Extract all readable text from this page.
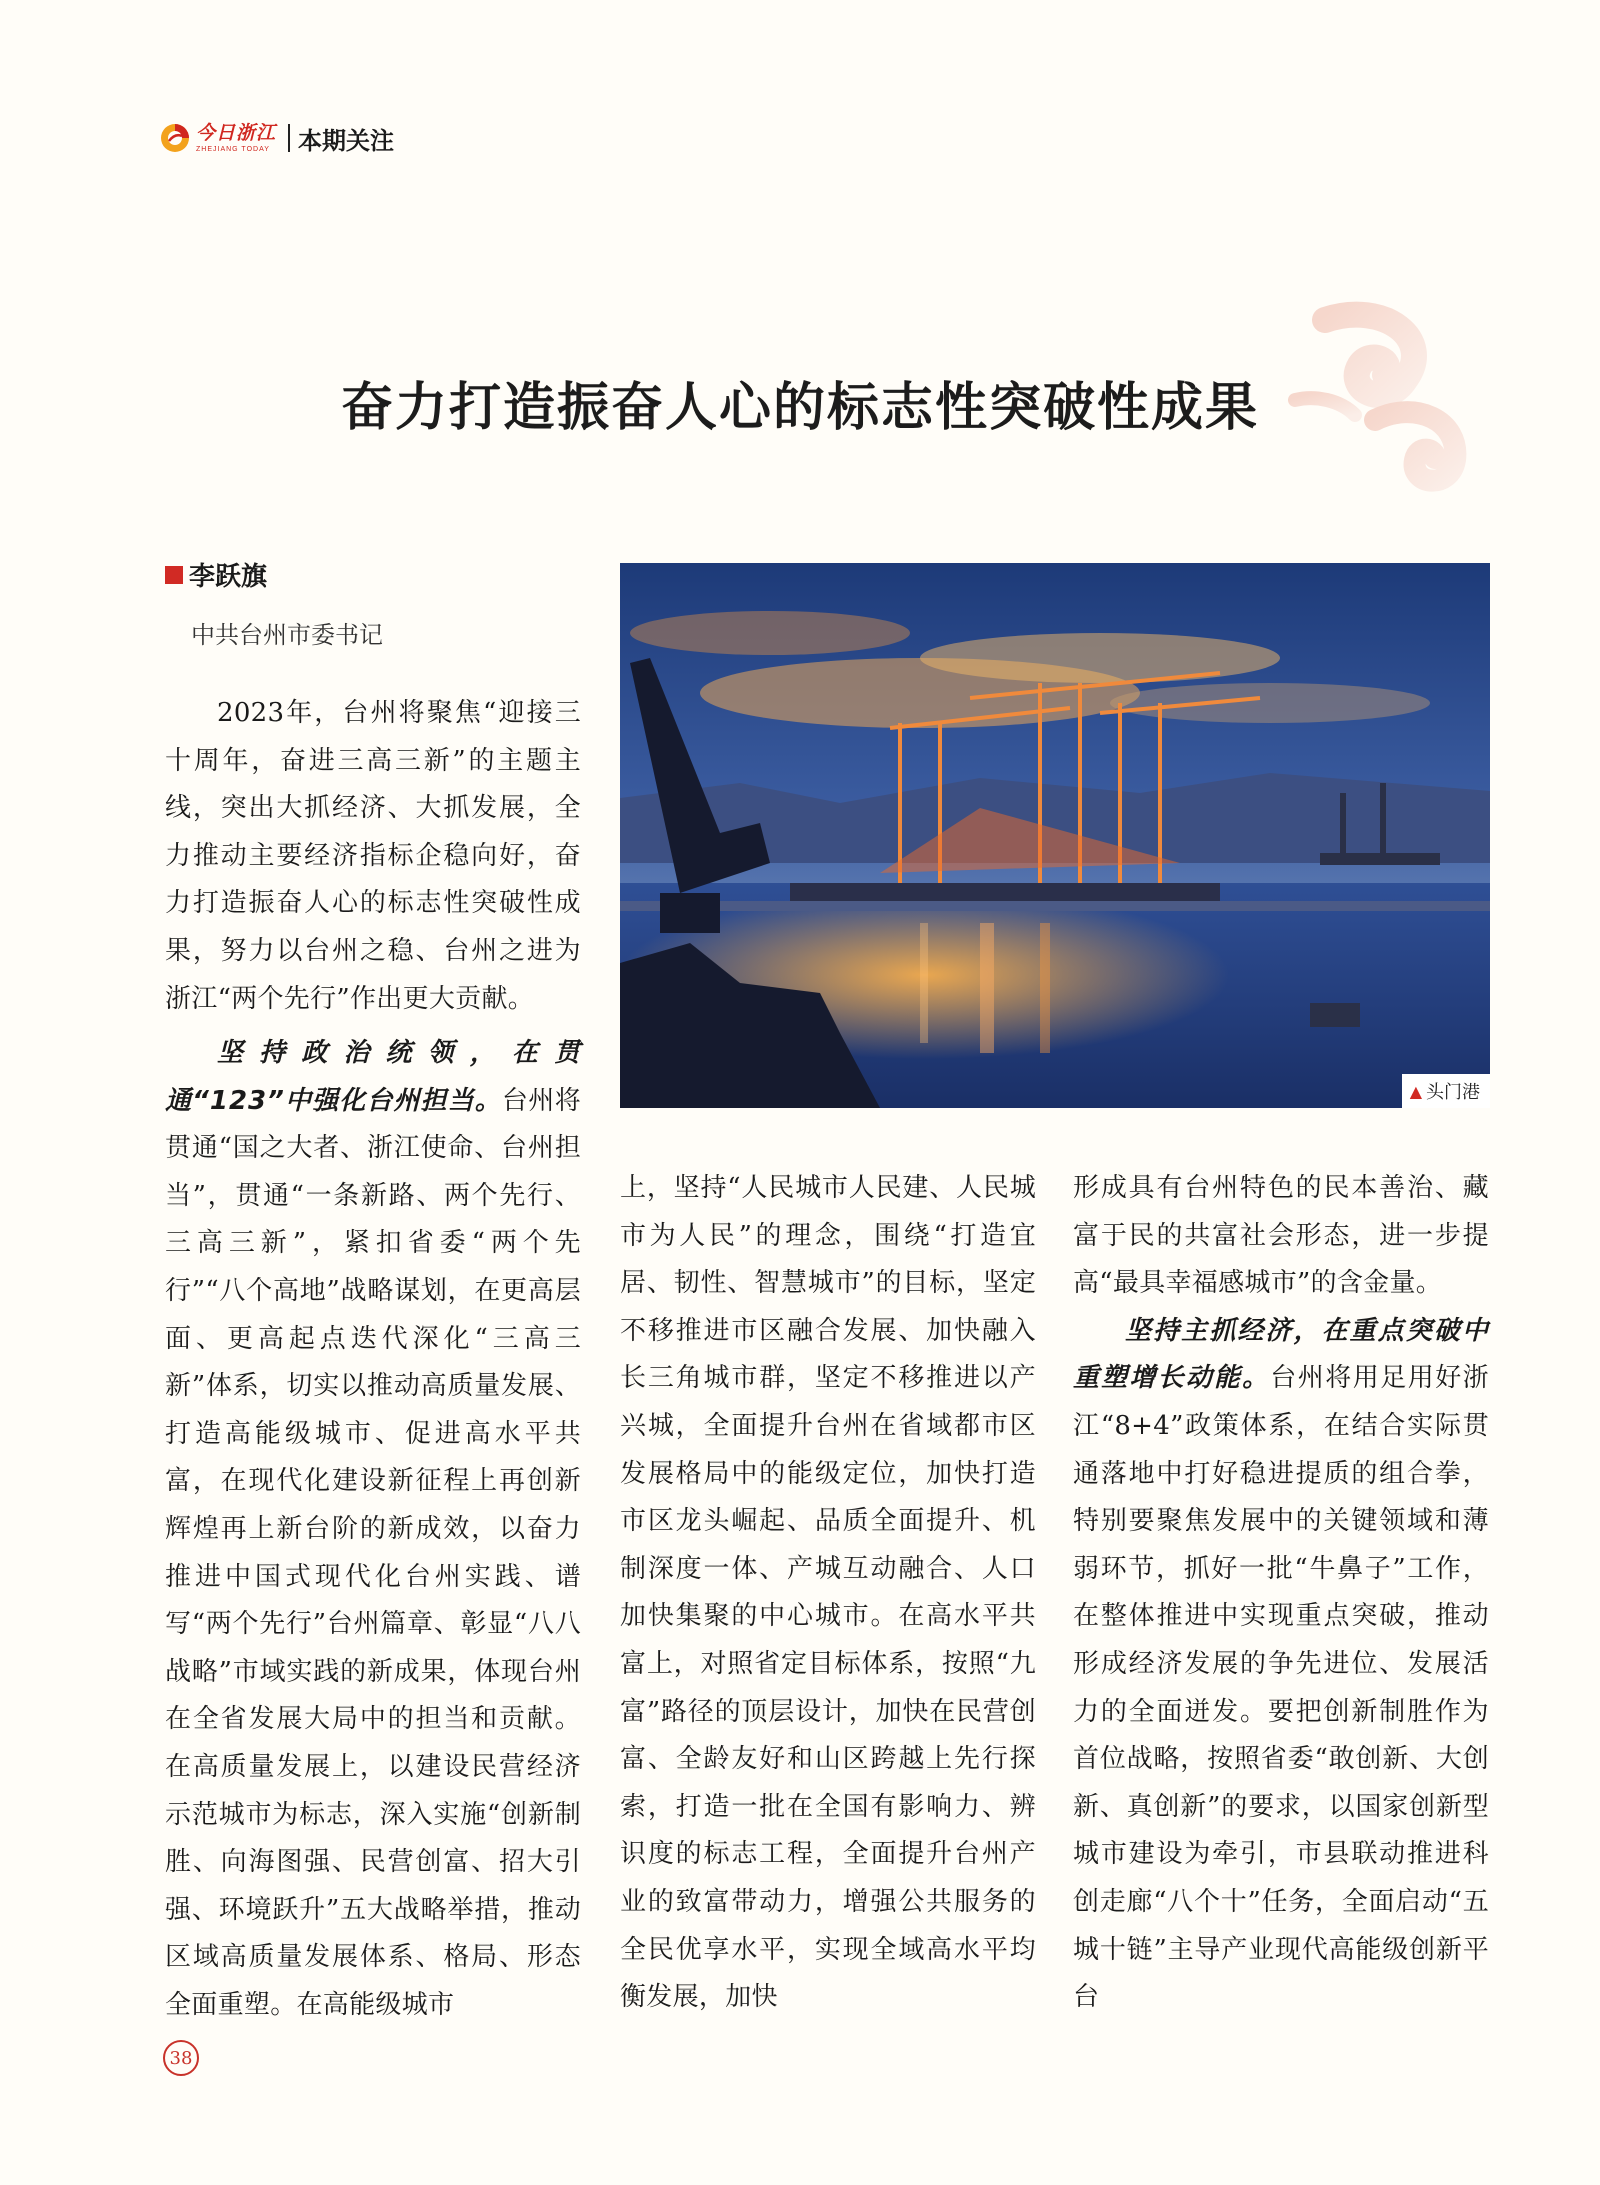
今日浙江
ZHEJIANG TODAY 本期关注
奋力打造振奋人心的标志性突破性成果
李跃旗
中共台州市委书记
▲ 头门港

2023年，台州将聚焦“迎接三十周年，奋进三高三新”的主题主线，突出大抓经济、大抓发展，全力推动主要经济指标企稳向好，奋力打造振奋人心的标志性突破性成果，努力以台州之稳、台州之进为浙江“两个先行”作出更大贡献。

坚持政治统领，在贯通“123”中强化台州担当。台州将贯通“国之大者、浙江使命、台州担当”，贯通“一条新路、两个先行、三高三新”，紧扣省委“两个先行”“八个高地”战略谋划，在更高层面、更高起点迭代深化“三高三新”体系，切实以推动高质量发展、打造高能级城市、促进高水平共富，在现代化建设新征程上再创新辉煌再上新台阶的新成效，以奋力推进中国式现代化台州实践、谱写“两个先行”台州篇章、彰显“八八战略”市域实践的新成果，体现台州在全省发展大局中的担当和贡献。在高质量发展上，以建设民营经济示范城市为标志，深入实施“创新制胜、向海图强、民营创富、招大引强、环境跃升”五大战略举措，推动区域高质量发展体系、格局、形态全面重塑。在高能级城市

上，坚持“人民城市人民建、人民城市为人民”的理念，围绕“打造宜居、韧性、智慧城市”的目标，坚定不移推进市区融合发展、加快融入长三角城市群，坚定不移推进以产兴城，全面提升台州在省域都市区发展格局中的能级定位，加快打造市区龙头崛起、品质全面提升、机制深度一体、产城互动融合、人口加快集聚的中心城市。在高水平共富上，对照省定目标体系，按照“九富”路径的顶层设计，加快在民营创富、全龄友好和山区跨越上先行探索，打造一批在全国有影响力、辨识度的标志工程，全面提升台州产业的致富带动力，增强公共服务的全民优享水平，实现全域高水平均衡发展，加快

形成具有台州特色的民本善治、藏富于民的共富社会形态，进一步提高“最具幸福感城市”的含金量。

坚持主抓经济，在重点突破中重塑增长动能。台州将用足用好浙江“8+4”政策体系，在结合实际贯通落地中打好稳进提质的组合拳，特别要聚焦发展中的关键领域和薄弱环节，抓好一批“牛鼻子”工作，在整体推进中实现重点突破，推动形成经济发展的争先进位、发展活力的全面迸发。要把创新制胜作为首位战略，按照省委“敢创新、大创新、真创新”的要求，以国家创新型城市建设为牵引，市县联动推进科创走廊“八个十”任务，全面启动“五城十链”主导产业现代高能级创新平台

38
